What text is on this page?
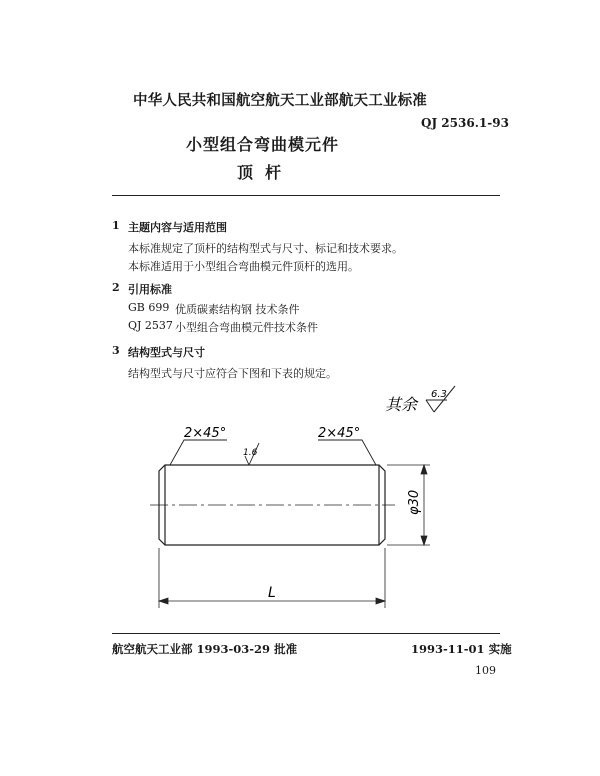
中华人民共和国航空航天工业部航天工业标准
QJ 2536.1-93
小型组合弯曲模元件
顶杆
1 主题内容与适用范围
本标准规定了顶杆的结构型式与尺寸、标记和技术要求。
本标准适用于小型组合弯曲模元件顶杆的选用。
2 引用标准
GB 699 优质碳素结构钢 技术条件
QJ 2537 小型组合弯曲模元件技术条件
3 结构型式与尺寸
结构型式与尺寸应符合下图和下表的规定。
其余
6.3
2×45°	2×45°
1.6
φ30
L
航空航天工业部 1993-03-29 批准	1993-11-01 实施
109
